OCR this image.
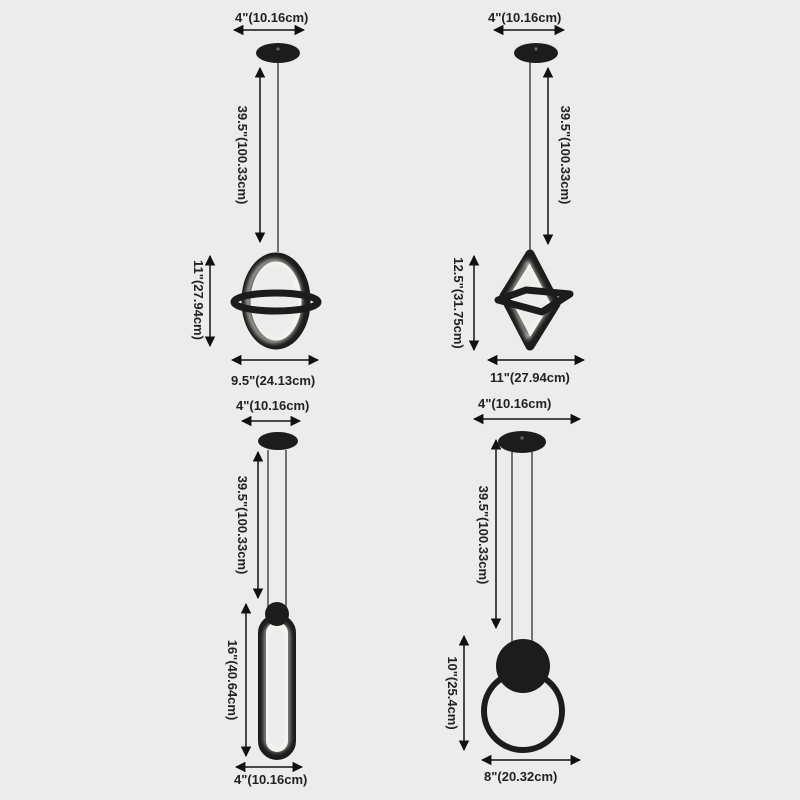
4"(10.16cm)
39.5"(100.33cm)
11"(27.94cm)
9.5"(24.13cm)
4"(10.16cm)
39.5"(100.33cm)
12.5"(31.75cm)
11"(27.94cm)
4"(10.16cm)
39.5"(100.33cm)
16"(40.64cm)
4"(10.16cm)
4"(10.16cm)
39.5"(100.33cm)
10"(25.4cm)
8"(20.32cm)
